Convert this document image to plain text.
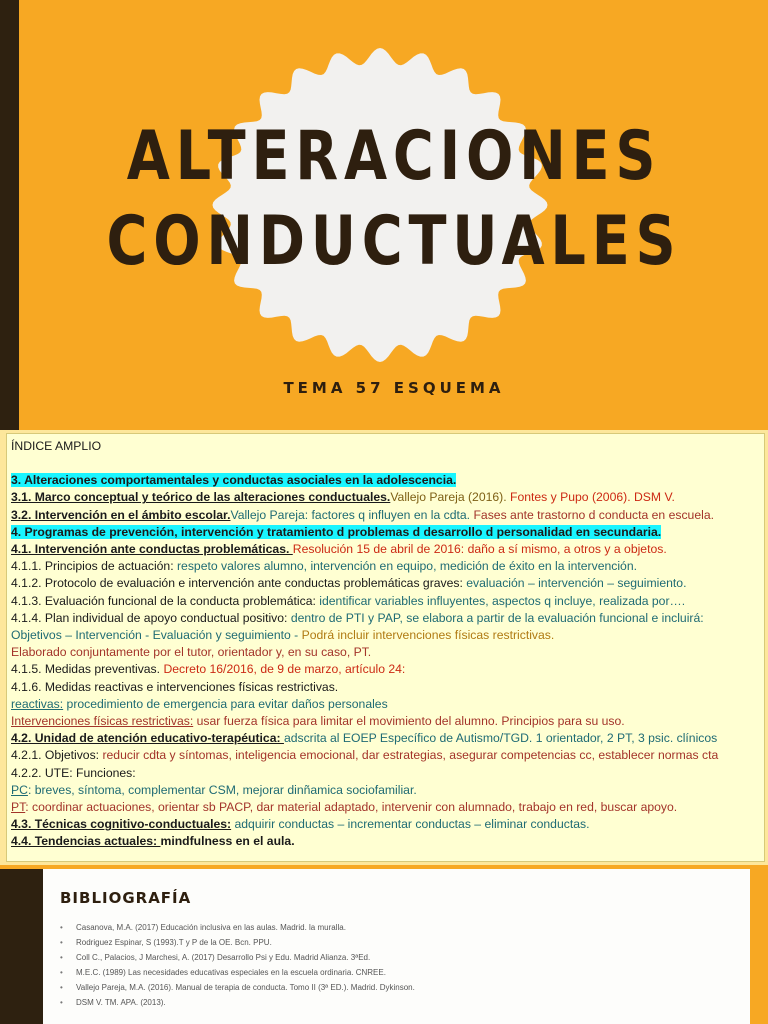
ALTERACIONES
CONDUCTUALES
TEMA 57 ESQUEMA
ÍNDICE AMPLIO
3. Alteraciones comportamentales y conductas asociales en la adolescencia.
3.1. Marco conceptual y teórico de las alteraciones conductuales.Vallejo Pareja (2016). Fontes y Pupo (2006). DSM V.
3.2. Intervención en el ámbito escolar.Vallejo Pareja: factores q influyen en la cdta. Fases ante trastorno d conducta en escuela.
4. Programas de prevención, intervención y tratamiento d problemas d desarrollo d personalidad en secundaria.
4.1. Intervención ante conductas problemáticas. Resolución 15 de abril de 2016: daño a sí mismo, a otros y a objetos.
4.1.1. Principios de actuación: respeto valores alumno, intervención en equipo, medición de éxito en la intervención.
4.1.2. Protocolo de evaluación e intervención ante conductas problemáticas graves: evaluación – intervención – seguimiento.
4.1.3. Evaluación funcional de la conducta problemática: identificar variables influyentes, aspectos q incluye, realizada por….
4.1.4. Plan individual de apoyo conductual positivo: dentro de PTI y PAP, se elabora a partir de la evaluación funcional e incluirá:
Objetivos – Intervención - Evaluación y seguimiento - Podrá incluir intervenciones físicas restrictivas.
Elaborado conjuntamente por el tutor, orientador y, en su caso, PT.
4.1.5. Medidas preventivas. Decreto 16/2016, de 9 de marzo, artículo 24:
4.1.6. Medidas reactivas e intervenciones físicas restrictivas.
reactivas: procedimiento de emergencia para evitar daños personales
Intervenciones físicas restrictivas: usar fuerza física para limitar el movimiento del alumno. Principios para su uso.
4.2. Unidad de atención educativo-terapéutica: adscrita al EOEP Específico de Autismo/TGD. 1 orientador, 2 PT, 3 psic. clínicos
4.2.1. Objetivos: reducir cdta y síntomas, inteligencia emocional, dar estrategias, asegurar competencias cc, establecer normas cta
4.2.2. UTE: Funciones:
PC: breves, síntoma, complementar CSM, mejorar dinñamica sociofamiliar.
PT: coordinar actuaciones, orientar sb PACP, dar material adaptado, intervenir con alumnado, trabajo en red, buscar apoyo.
4.3. Técnicas cognitivo-conductuales: adquirir conductas – incrementar conductas – eliminar conductas.
4.4. Tendencias actuales: mindfulness en el aula.
BIBLIOGRAFÍA
• Casanova, M.A. (2017) Educación inclusiva en las aulas. Madrid. la muralla.
• Rodriguez Espinar, S (1993).T y P de la OE. Bcn. PPU.
• Coll C., Palacios, J Marchesi, A. (2017) Desarrollo Psi y Edu. Madrid Alianza. 3ªEd.
• M.E.C. (1989) Las necesidades educativas especiales en la escuela ordinaria. CNREE.
• Vallejo Pareja, M.A. (2016). Manual de terapia de conducta. Tomo II (3ª ED.). Madrid. Dykinson.
• DSM V. TM. APA. (2013).
